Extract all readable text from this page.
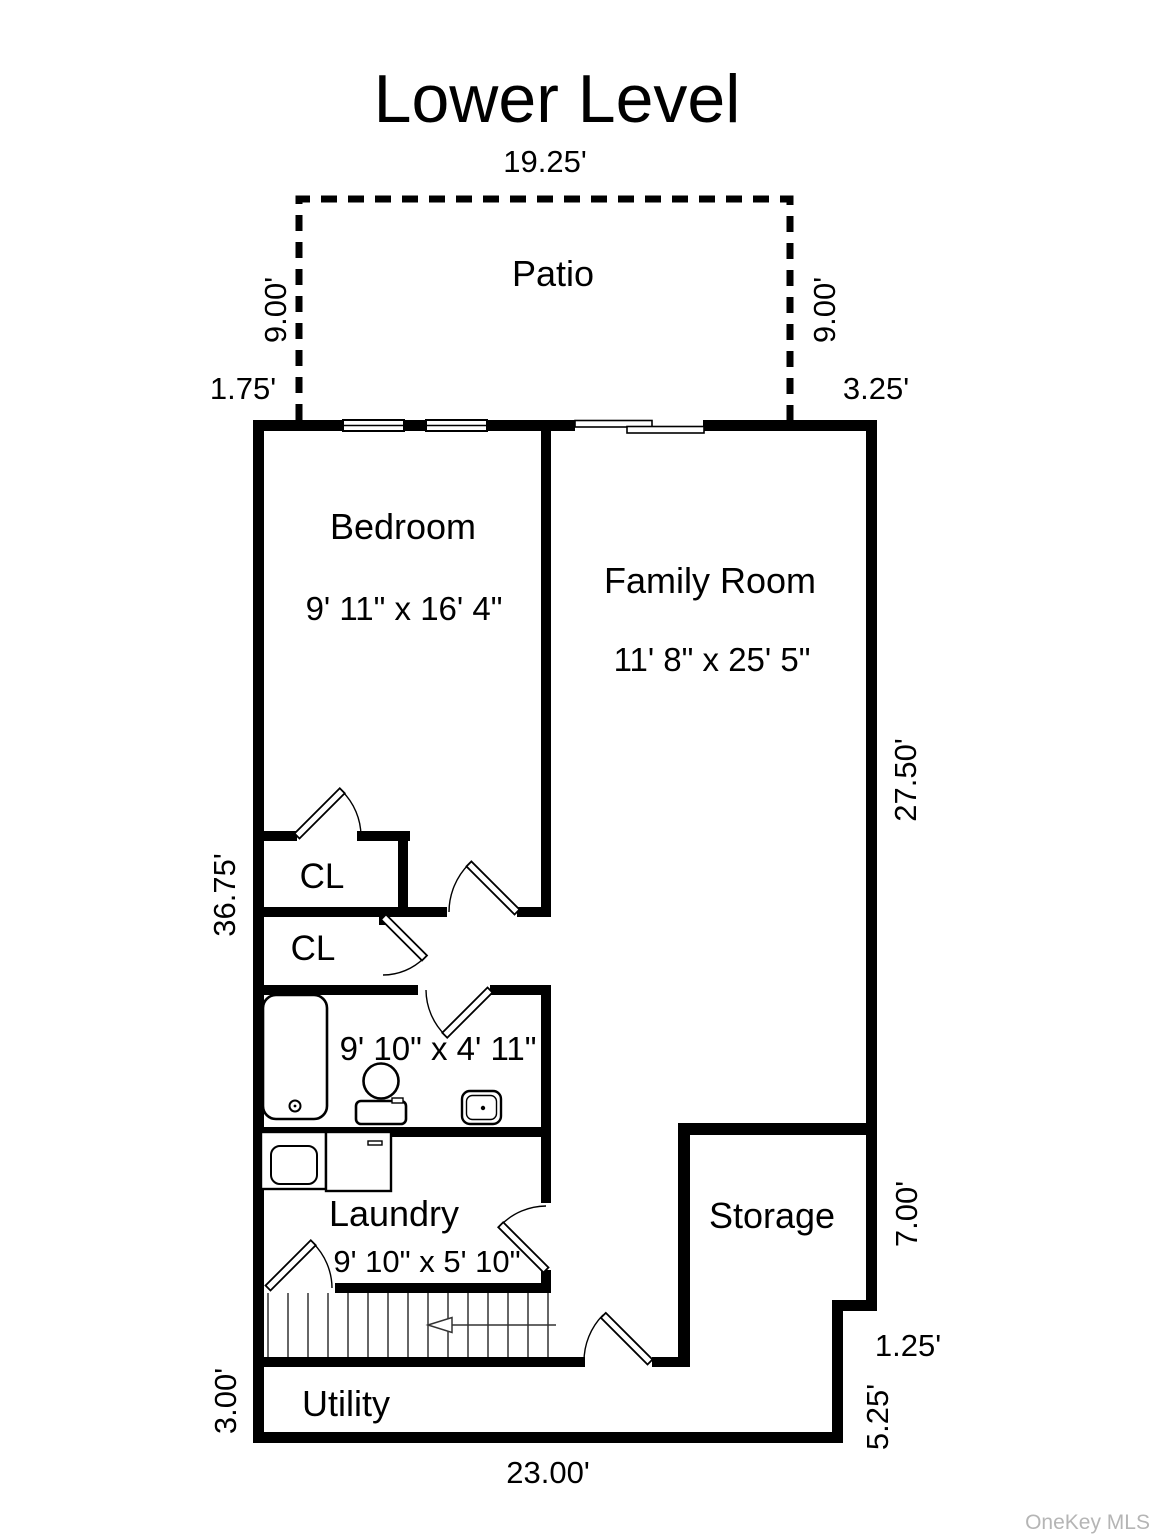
Lower Level
19.25'
Patio
9.00'	9.00'
1.75'	3.25'
Bedroom
9' 11" x 16' 4"
Family Room
11' 8" x 25' 5"
CL
CL
9' 10" x 4' 11"
Laundry
9' 10" x 5' 10"
Storage
Utility
36.75'
27.50'
7.00'
1.25'
5.25'
3.00'
23.00'
OneKey MLS
